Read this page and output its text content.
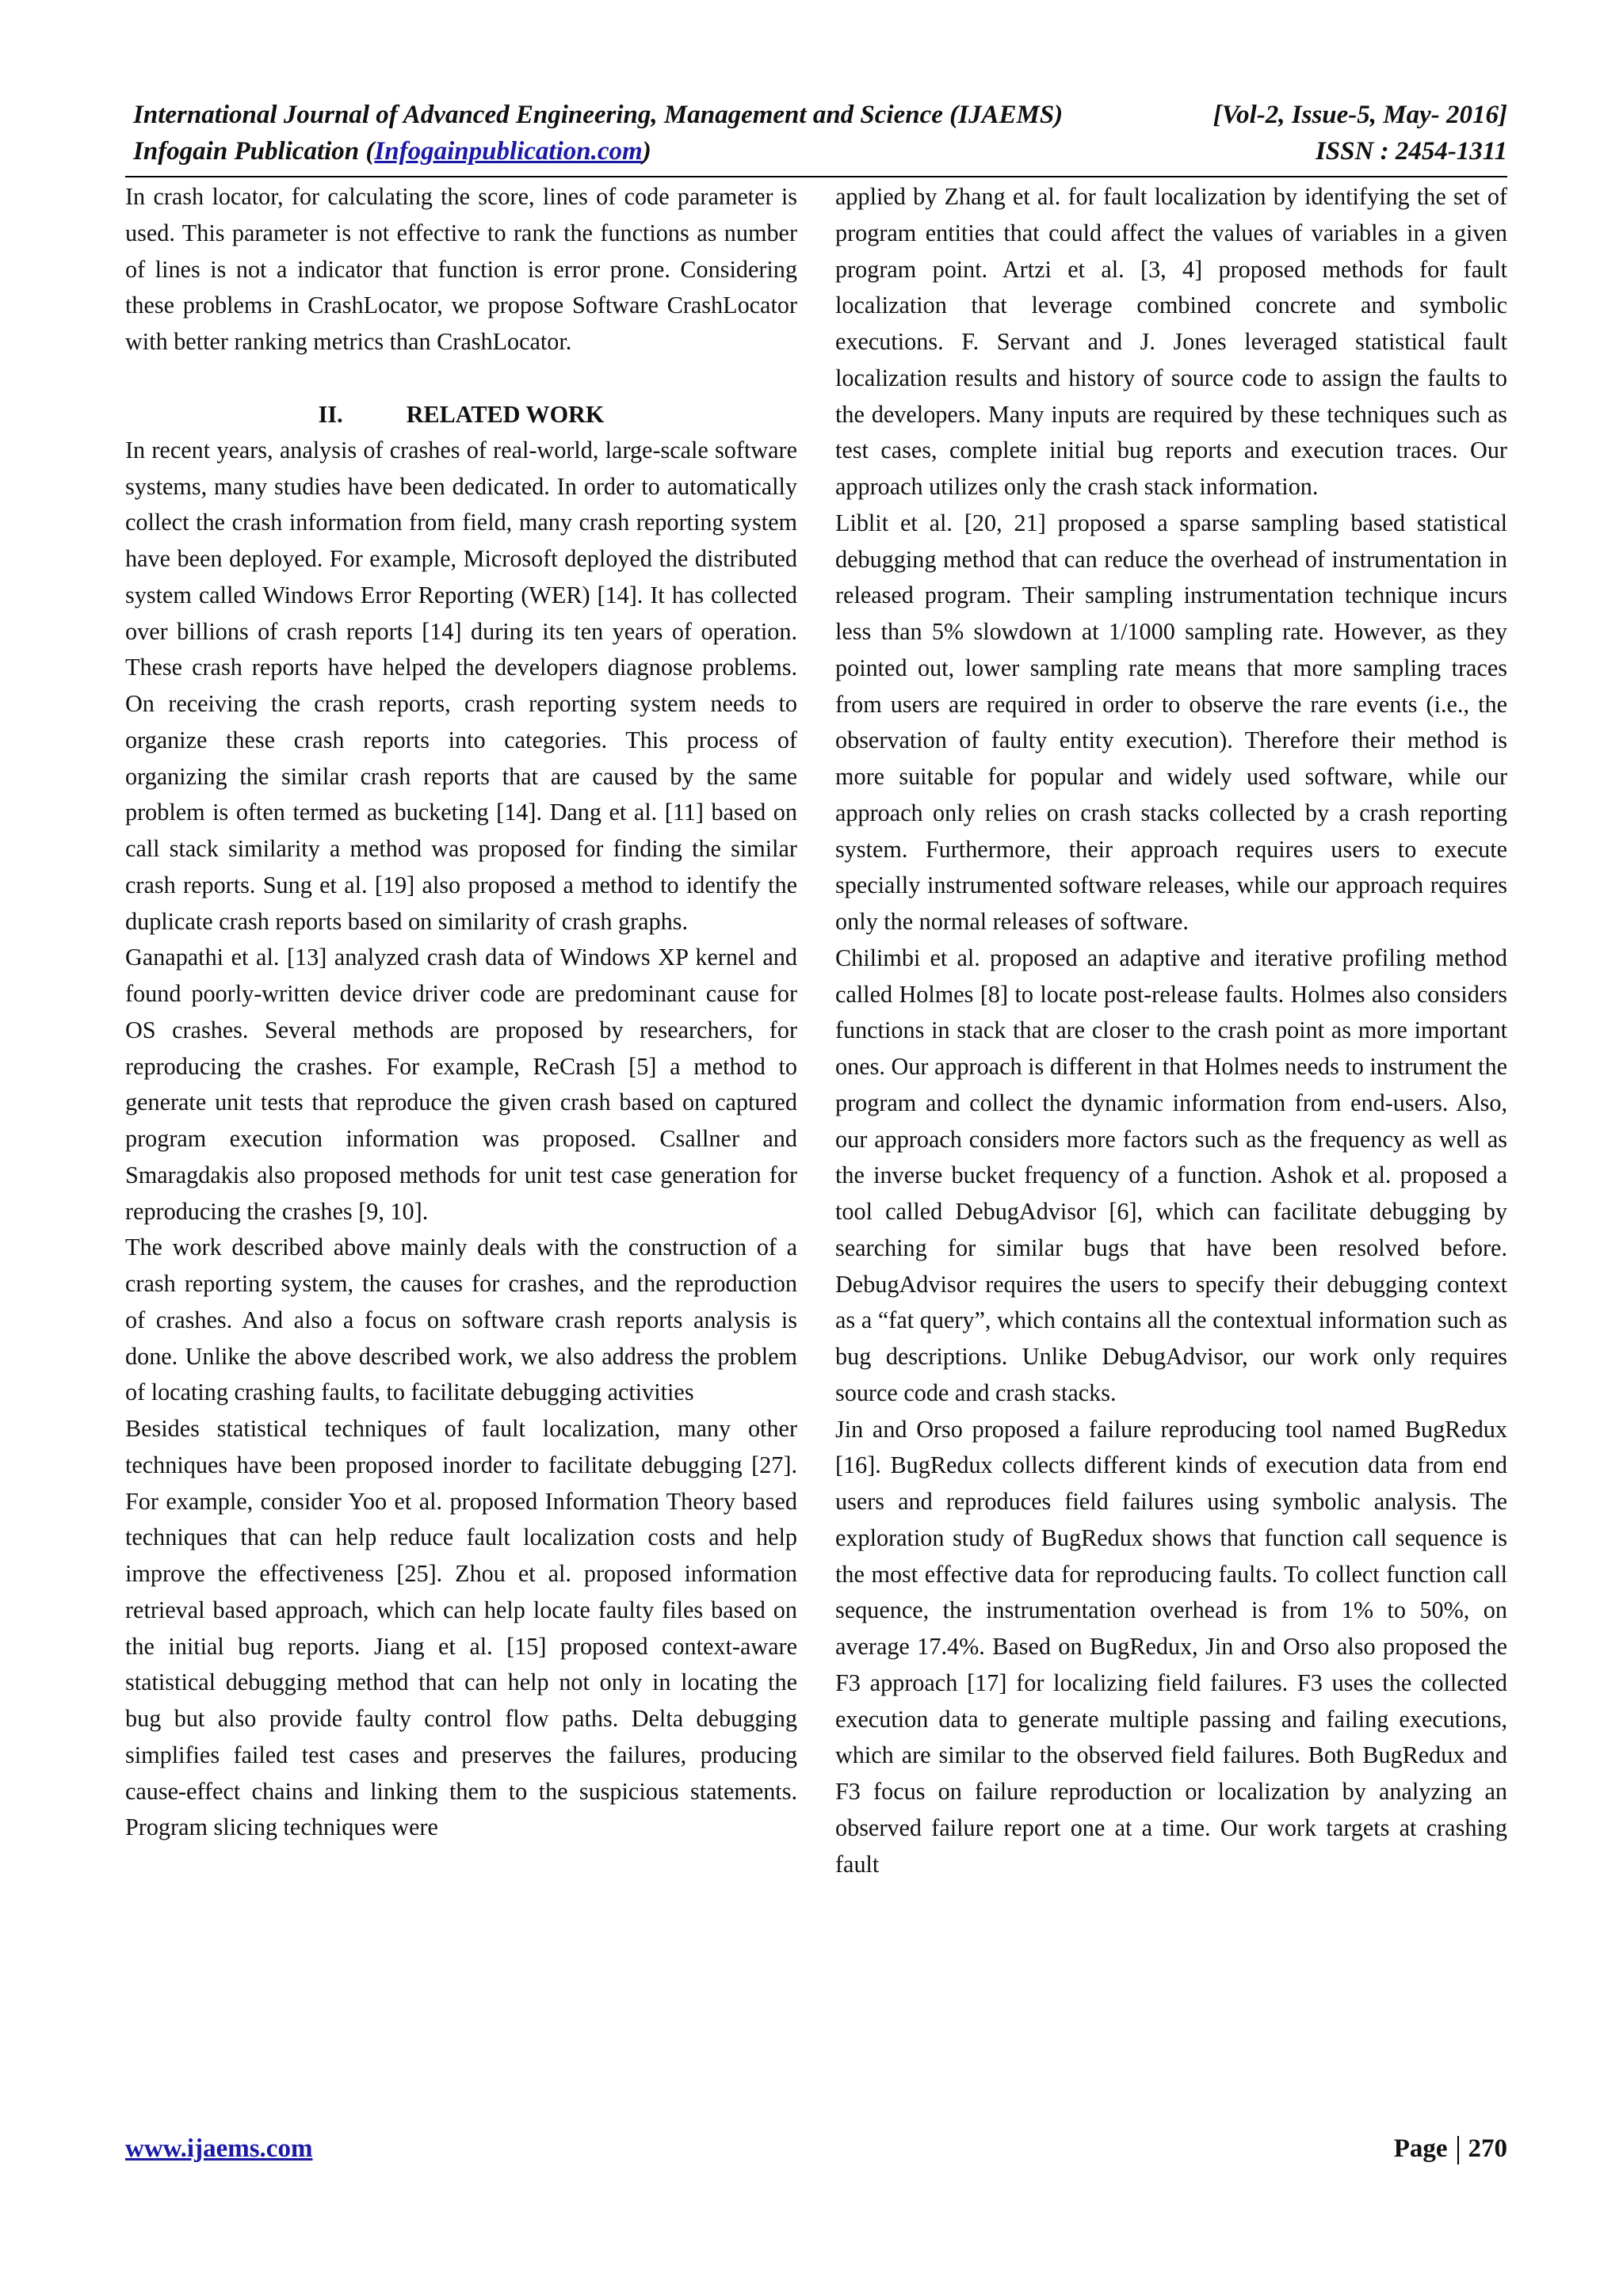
International Journal of Advanced Engineering, Management and Science (IJAEMS)	[Vol-2, Issue-5, May- 2016]
Infogain Publication (Infogainpublication.com)	ISSN : 2454-1311

In crash locator, for calculating the score, lines of code parameter is used. This parameter is not effective to rank the functions as number of lines is not a indicator that function is error prone. Considering these problems in CrashLocator, we propose Software CrashLocator with better ranking metrics than CrashLocator.

II.	RELATED WORK

In recent years, analysis of crashes of real-world, large-scale software systems, many studies have been dedicated. In order to automatically collect the crash information from field, many crash reporting system have been deployed. For example, Microsoft deployed the distributed system called Windows Error Reporting (WER) [14]. It has collected over billions of crash reports [14] during its ten years of operation. These crash reports have helped the developers diagnose problems. On receiving the crash reports, crash reporting system needs to organize these crash reports into categories. This process of organizing the similar crash reports that are caused by the same problem is often termed as bucketing [14]. Dang et al. [11] based on call stack similarity a method was proposed for finding the similar crash reports. Sung et al. [19] also proposed a method to identify the duplicate crash reports based on similarity of crash graphs.

Ganapathi et al. [13] analyzed crash data of Windows XP kernel and found poorly-written device driver code are predominant cause for OS crashes. Several methods are proposed by researchers, for reproducing the crashes. For example, ReCrash [5] a method to generate unit tests that reproduce the given crash based on captured program execution information was proposed. Csallner and Smaragdakis also proposed methods for unit test case generation for reproducing the crashes [9, 10].

The work described above mainly deals with the construction of a crash reporting system, the causes for crashes, and the reproduction of crashes. And also a focus on software crash reports analysis is done. Unlike the above described work, we also address the problem of locating crashing faults, to facilitate debugging activities

Besides statistical techniques of fault localization, many other techniques have been proposed inorder to facilitate debugging [27]. For example, consider Yoo et al. proposed Information Theory based techniques that can help reduce fault localization costs and help improve the effectiveness [25]. Zhou et al. proposed information retrieval based approach, which can help locate faulty files based on the initial bug reports. Jiang et al. [15] proposed context-aware statistical debugging method that can help not only in locating the bug but also provide faulty control flow paths. Delta debugging simplifies failed test cases and preserves the failures, producing cause-effect chains and linking them to the suspicious statements. Program slicing techniques were

applied by Zhang et al. for fault localization by identifying the set of program entities that could affect the values of variables in a given program point. Artzi et al. [3, 4] proposed methods for fault localization that leverage combined concrete and symbolic executions. F. Servant and J. Jones leveraged statistical fault localization results and history of source code to assign the faults to the developers. Many inputs are required by these techniques such as test cases, complete initial bug reports and execution traces. Our approach utilizes only the crash stack information.

Liblit et al. [20, 21] proposed a sparse sampling based statistical debugging method that can reduce the overhead of instrumentation in released program. Their sampling instrumentation technique incurs less than 5% slowdown at 1/1000 sampling rate. However, as they pointed out, lower sampling rate means that more sampling traces from users are required in order to observe the rare events (i.e., the observation of faulty entity execution). Therefore their method is more suitable for popular and widely used software, while our approach only relies on crash stacks collected by a crash reporting system. Furthermore, their approach requires users to execute specially instrumented software releases, while our approach requires only the normal releases of software.

Chilimbi et al. proposed an adaptive and iterative profiling method called Holmes [8] to locate post-release faults. Holmes also considers functions in stack that are closer to the crash point as more important ones. Our approach is different in that Holmes needs to instrument the program and collect the dynamic information from end-users. Also, our approach considers more factors such as the frequency as well as the inverse bucket frequency of a function. Ashok et al. proposed a tool called DebugAdvisor [6], which can facilitate debugging by searching for similar bugs that have been resolved before. DebugAdvisor requires the users to specify their debugging context as a “fat query”, which contains all the contextual information such as bug descriptions. Unlike DebugAdvisor, our work only requires source code and crash stacks.

Jin and Orso proposed a failure reproducing tool named BugRedux [16]. BugRedux collects different kinds of execution data from end users and reproduces field failures using symbolic analysis. The exploration study of BugRedux shows that function call sequence is the most effective data for reproducing faults. To collect function call sequence, the instrumentation overhead is from 1% to 50%, on average 17.4%. Based on BugRedux, Jin and Orso also proposed the F3 approach [17] for localizing field failures. F3 uses the collected execution data to generate multiple passing and failing executions, which are similar to the observed field failures. Both BugRedux and F3 focus on failure reproduction or localization by analyzing an observed failure report one at a time. Our work targets at crashing fault

www.ijaems.com	Page 270
